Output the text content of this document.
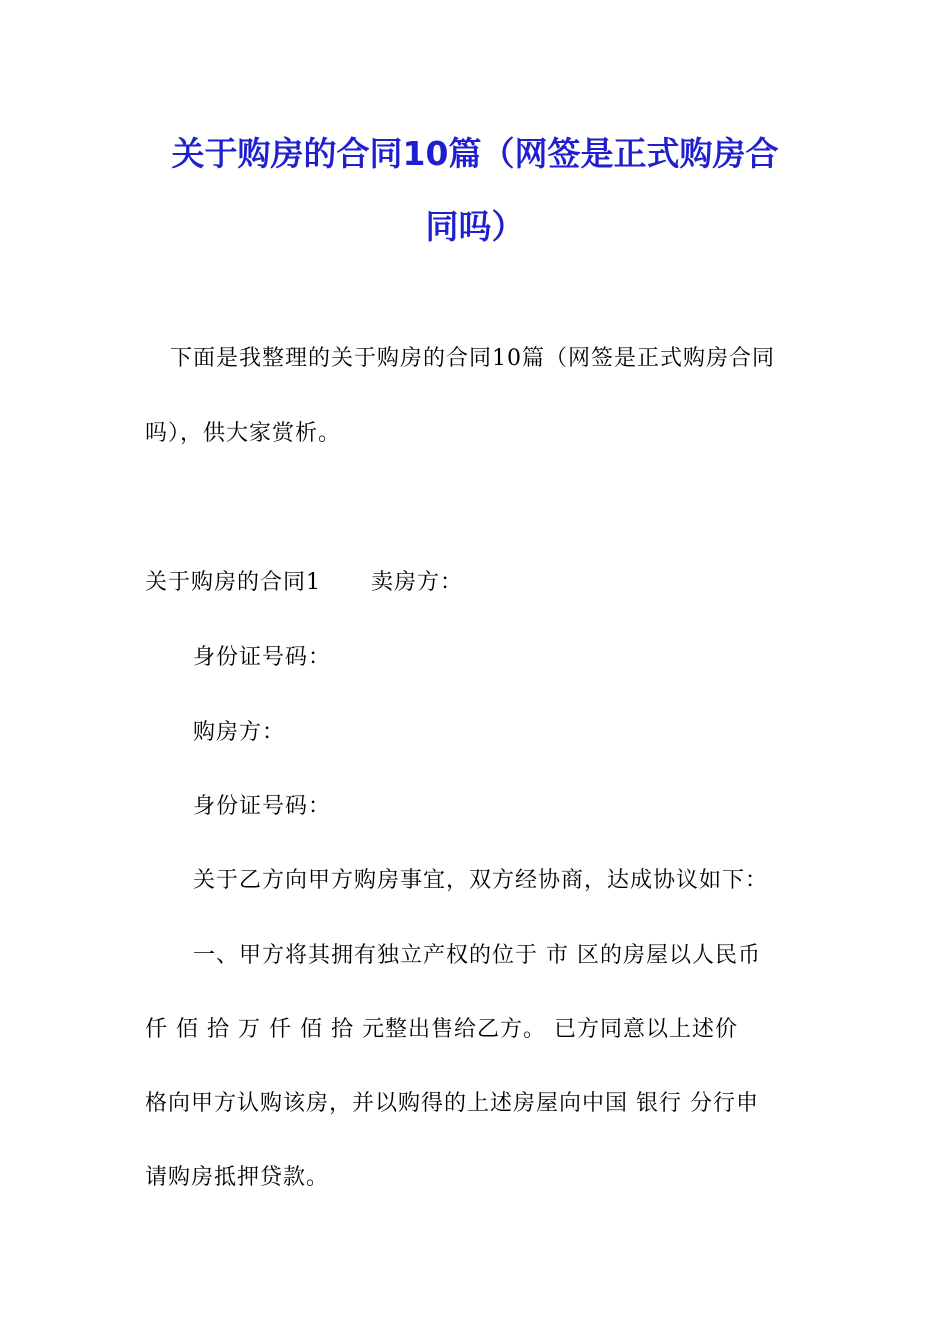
关于购房的合同10篇（网签是正式购房合
同吗）
下面是我整理的关于购房的合同10篇（网签是正式购房合同
吗），供大家赏析。
关于购房的合同1 卖房方：
身份证号码：
购房方：
身份证号码：
关于乙方向甲方购房事宜，双方经协商，达成协议如下：
一、甲方将其拥有独立产权的位于 市 区的房屋以人民币
仟 佰 拾 万 仟 佰 拾 元整出售给乙方。 已方同意以上述价
格向甲方认购该房，并以购得的上述房屋向中国 银行 分行申
请购房抵押贷款。
